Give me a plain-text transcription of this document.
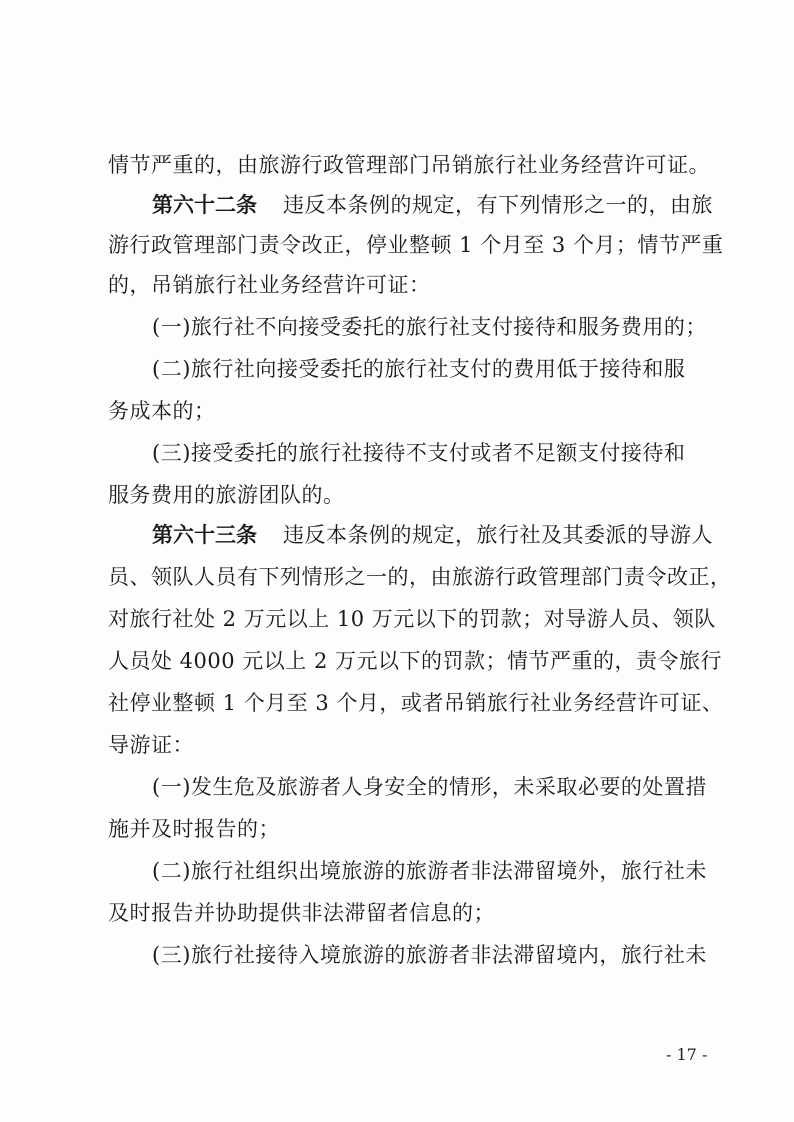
情节严重的，由旅游行政管理部门吊销旅行社业务经营许可证。
第六十二条 违反本条例的规定，有下列情形之一的，由旅
游行政管理部门责令改正，停业整顿 1 个月至 3 个月；情节严重
的，吊销旅行社业务经营许可证：
(一)旅行社不向接受委托的旅行社支付接待和服务费用的；
(二)旅行社向接受委托的旅行社支付的费用低于接待和服
务成本的；
(三)接受委托的旅行社接待不支付或者不足额支付接待和
服务费用的旅游团队的。
第六十三条 违反本条例的规定，旅行社及其委派的导游人
员、领队人员有下列情形之一的，由旅游行政管理部门责令改正，
对旅行社处 2 万元以上 10 万元以下的罚款；对导游人员、领队
人员处 4000 元以上 2 万元以下的罚款；情节严重的，责令旅行
社停业整顿 1 个月至 3 个月，或者吊销旅行社业务经营许可证、
导游证：
(一)发生危及旅游者人身安全的情形，未采取必要的处置措
施并及时报告的；
(二)旅行社组织出境旅游的旅游者非法滞留境外，旅行社未
及时报告并协助提供非法滞留者信息的；
(三)旅行社接待入境旅游的旅游者非法滞留境内，旅行社未
- 17 -
